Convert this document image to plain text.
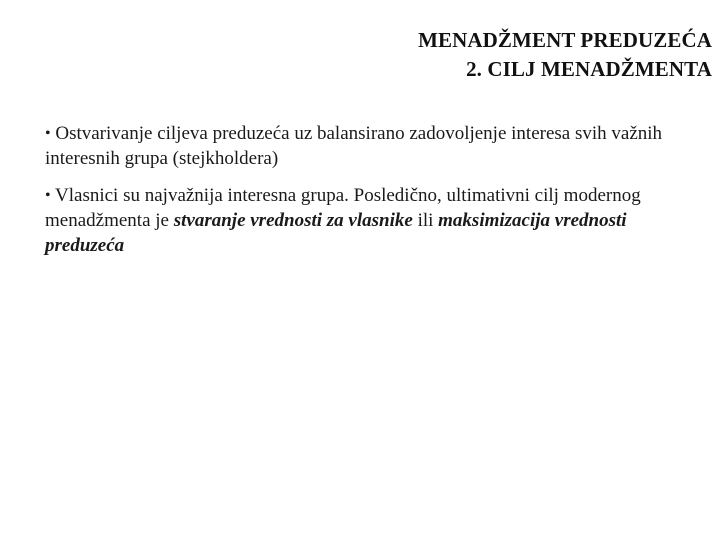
MENADŽMENT PREDUZEĆA
2. CILJ MENADŽMENTA

• Ostvarivanje ciljeva preduzeća uz balansirano zadovoljenje interesa svih važnih interesnih grupa (stejkholdera)

• Vlasnici su najvažnija interesna grupa. Posledično, ultimativni cilj modernog menadžmenta je stvaranje vrednosti za vlasnike ili maksimizacija vrednosti preduzeća
